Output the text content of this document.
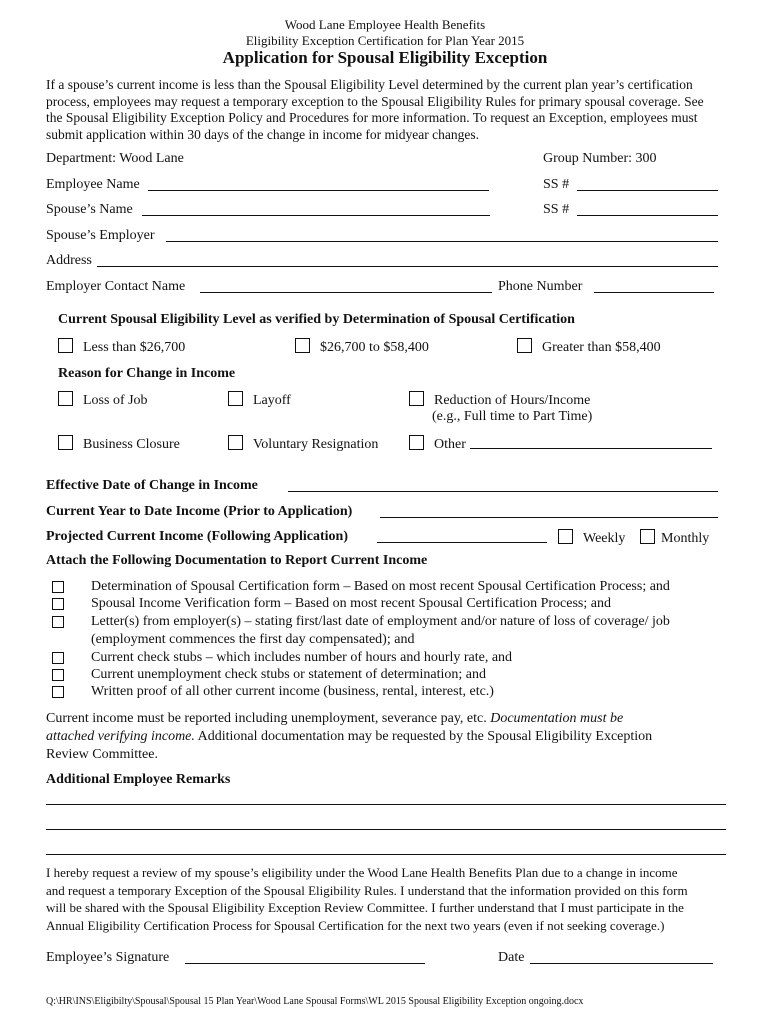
Wood Lane Employee Health Benefits
Eligibility Exception Certification for Plan Year 2015
Application for Spousal Eligibility Exception
If a spouse’s current income is less than the Spousal Eligibility Level determined by the current plan year’s certification
process, employees may request a temporary exception to the Spousal Eligibility Rules for primary spousal coverage. See
the Spousal Eligibility Exception Policy and Procedures for more information. To request an Exception, employees must
submit application within 30 days of the change in income for midyear changes.
Department: Wood Lane	Group Number: 300
Employee Name	SS #
Spouse’s Name	SS #
Spouse’s Employer
Address
Employer Contact Name	Phone Number
Current Spousal Eligibility Level as verified by Determination of Spousal Certification
Less than $26,700	$26,700 to $58,400	Greater than $58,400
Reason for Change in Income
Loss of Job	Layoff	Reduction of Hours/Income
(e.g., Full time to Part Time)
Business Closure	Voluntary Resignation	Other
Effective Date of Change in Income
Current Year to Date Income (Prior to Application)
Projected Current Income (Following Application)	Weekly	Monthly
Attach the Following Documentation to Report Current Income
Determination of Spousal Certification form – Based on most recent Spousal Certification Process; and
Spousal Income Verification form – Based on most recent Spousal Certification Process; and
Letter(s) from employer(s) – stating first/last date of employment and/or nature of loss of coverage/ job
(employment commences the first day compensated); and
Current check stubs – which includes number of hours and hourly rate, and
Current unemployment check stubs or statement of determination; and
Written proof of all other current income (business, rental, interest, etc.)
Current income must be reported including unemployment, severance pay, etc. Documentation must be
attached verifying income. Additional documentation may be requested by the Spousal Eligibility Exception
Review Committee.
Additional Employee Remarks
I hereby request a review of my spouse’s eligibility under the Wood Lane Health Benefits Plan due to a change in income
and request a temporary Exception of the Spousal Eligibility Rules. I understand that the information provided on this form
will be shared with the Spousal Eligibility Exception Review Committee. I further understand that I must participate in the
Annual Eligibility Certification Process for Spousal Certification for the next two years (even if not seeking coverage.)
Employee’s Signature	Date
Q:\HR\INS\Eligibilty\Spousal\Spousal 15 Plan Year\Wood Lane Spousal Forms\WL 2015 Spousal Eligibility Exception ongoing.docx
